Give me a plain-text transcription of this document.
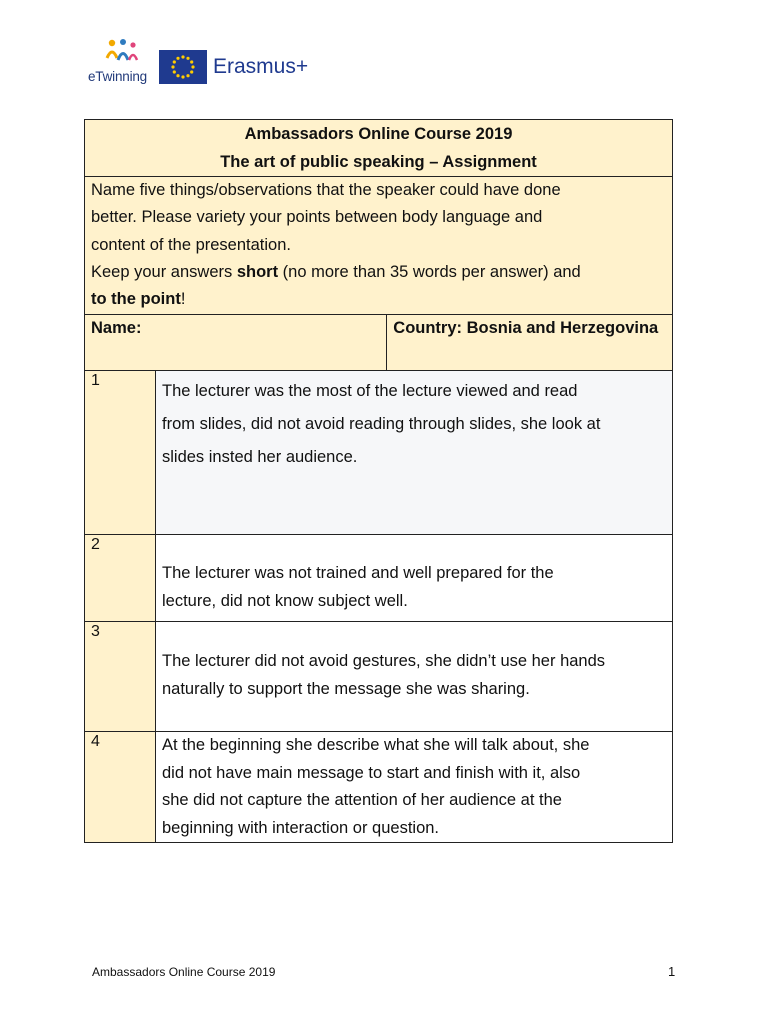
eTwinning	Erasmus+
Ambassadors Online Course 2019
The art of public speaking – Assignment		

Name five things/observations that the speaker could have done
better. Please variety your points between body language and
content of the presentation.
Keep your answers short (no more than 35 words per answer) and
to the point!		

Name:		Country: Bosnia and Herzegovina
1	The lecturer was the most of the lecture viewed and read
from slides, did not avoid reading through slides, she look at
slides insted her audience.	

2	The lecturer was not trained and well prepared for the
lecture, did not know subject well.	

3	The lecturer did not avoid gestures, she didn’t use her hands
naturally to support the message she was sharing.	

4	At the beginning she describe what she will talk about, she
did not have main message to start and finish with it, also
she did not capture the attention of her audience at the
beginning with interaction or question.	
Ambassadors Online Course 2019	1
